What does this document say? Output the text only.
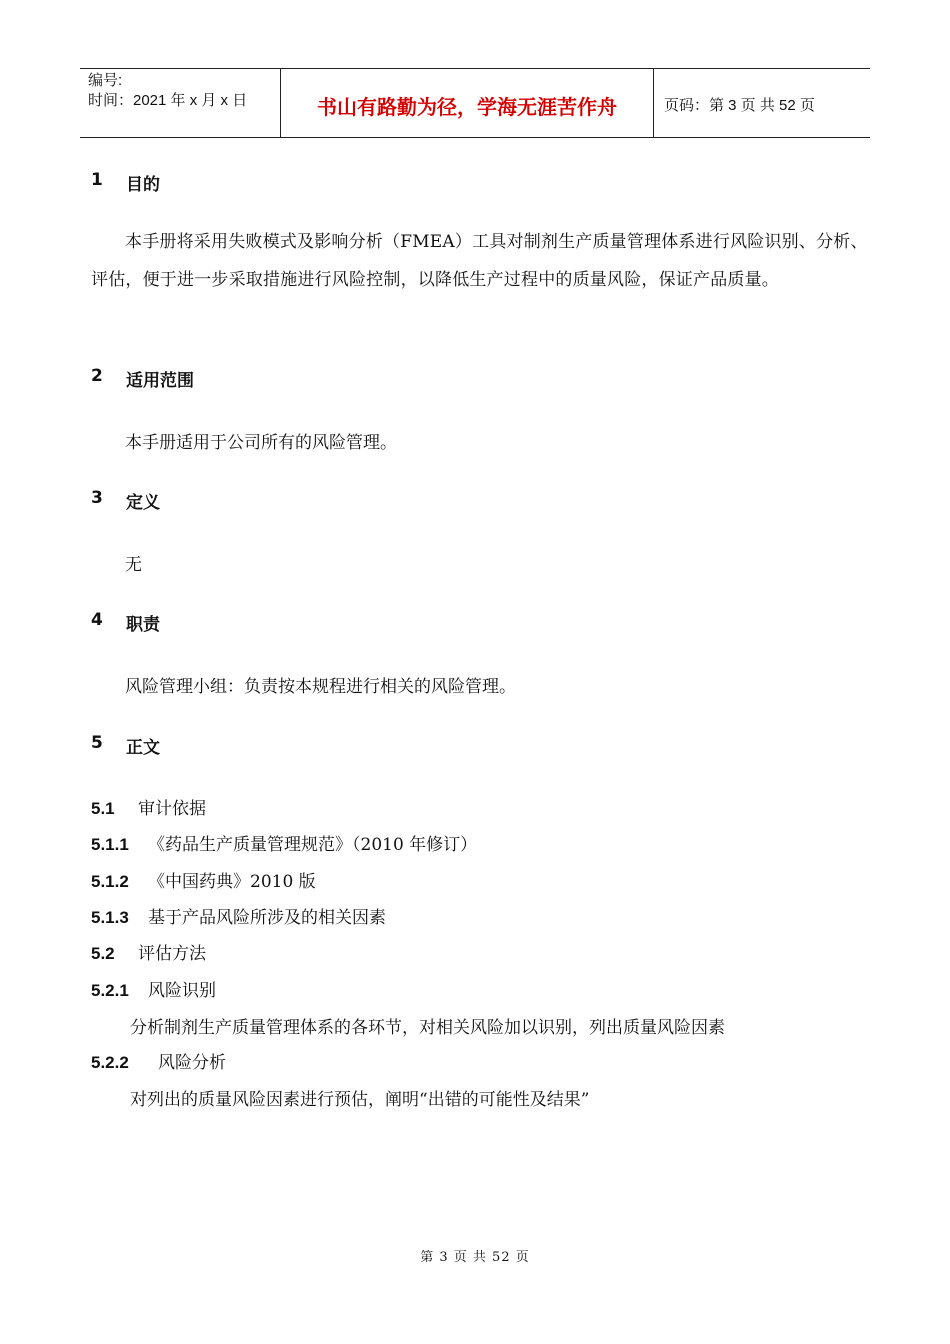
编号:
时间：2021 年 x 月 x 日	书山有路勤为径，学海无涯苦作舟	页码：第 3 页 共 52 页
1	目的
本手册将采用失败模式及影响分析（FMEA）工具对制剂生产质量管理体系进行风险识别、分析、评估，便于进一步采取措施进行风险控制，以降低生产过程中的质量风险，保证产品质量。
2	适用范围
本手册适用于公司所有的风险管理。
3	定义
无
4	职责
风险管理小组：负责按本规程进行相关的风险管理。
5	正文
5.1	审计依据
5.1.1	《药品生产质量管理规范》（2010 年修订）
5.1.2	《中国药典》2010 版
5.1.3	基于产品风险所涉及的相关因素
5.2	评估方法
5.2.1	风险识别
分析制剂生产质量管理体系的各环节，对相关风险加以识别，列出质量风险因素
5.2.2	风险分析
对列出的质量风险因素进行预估，阐明“出错的可能性及结果”
第 3 页 共 52 页
